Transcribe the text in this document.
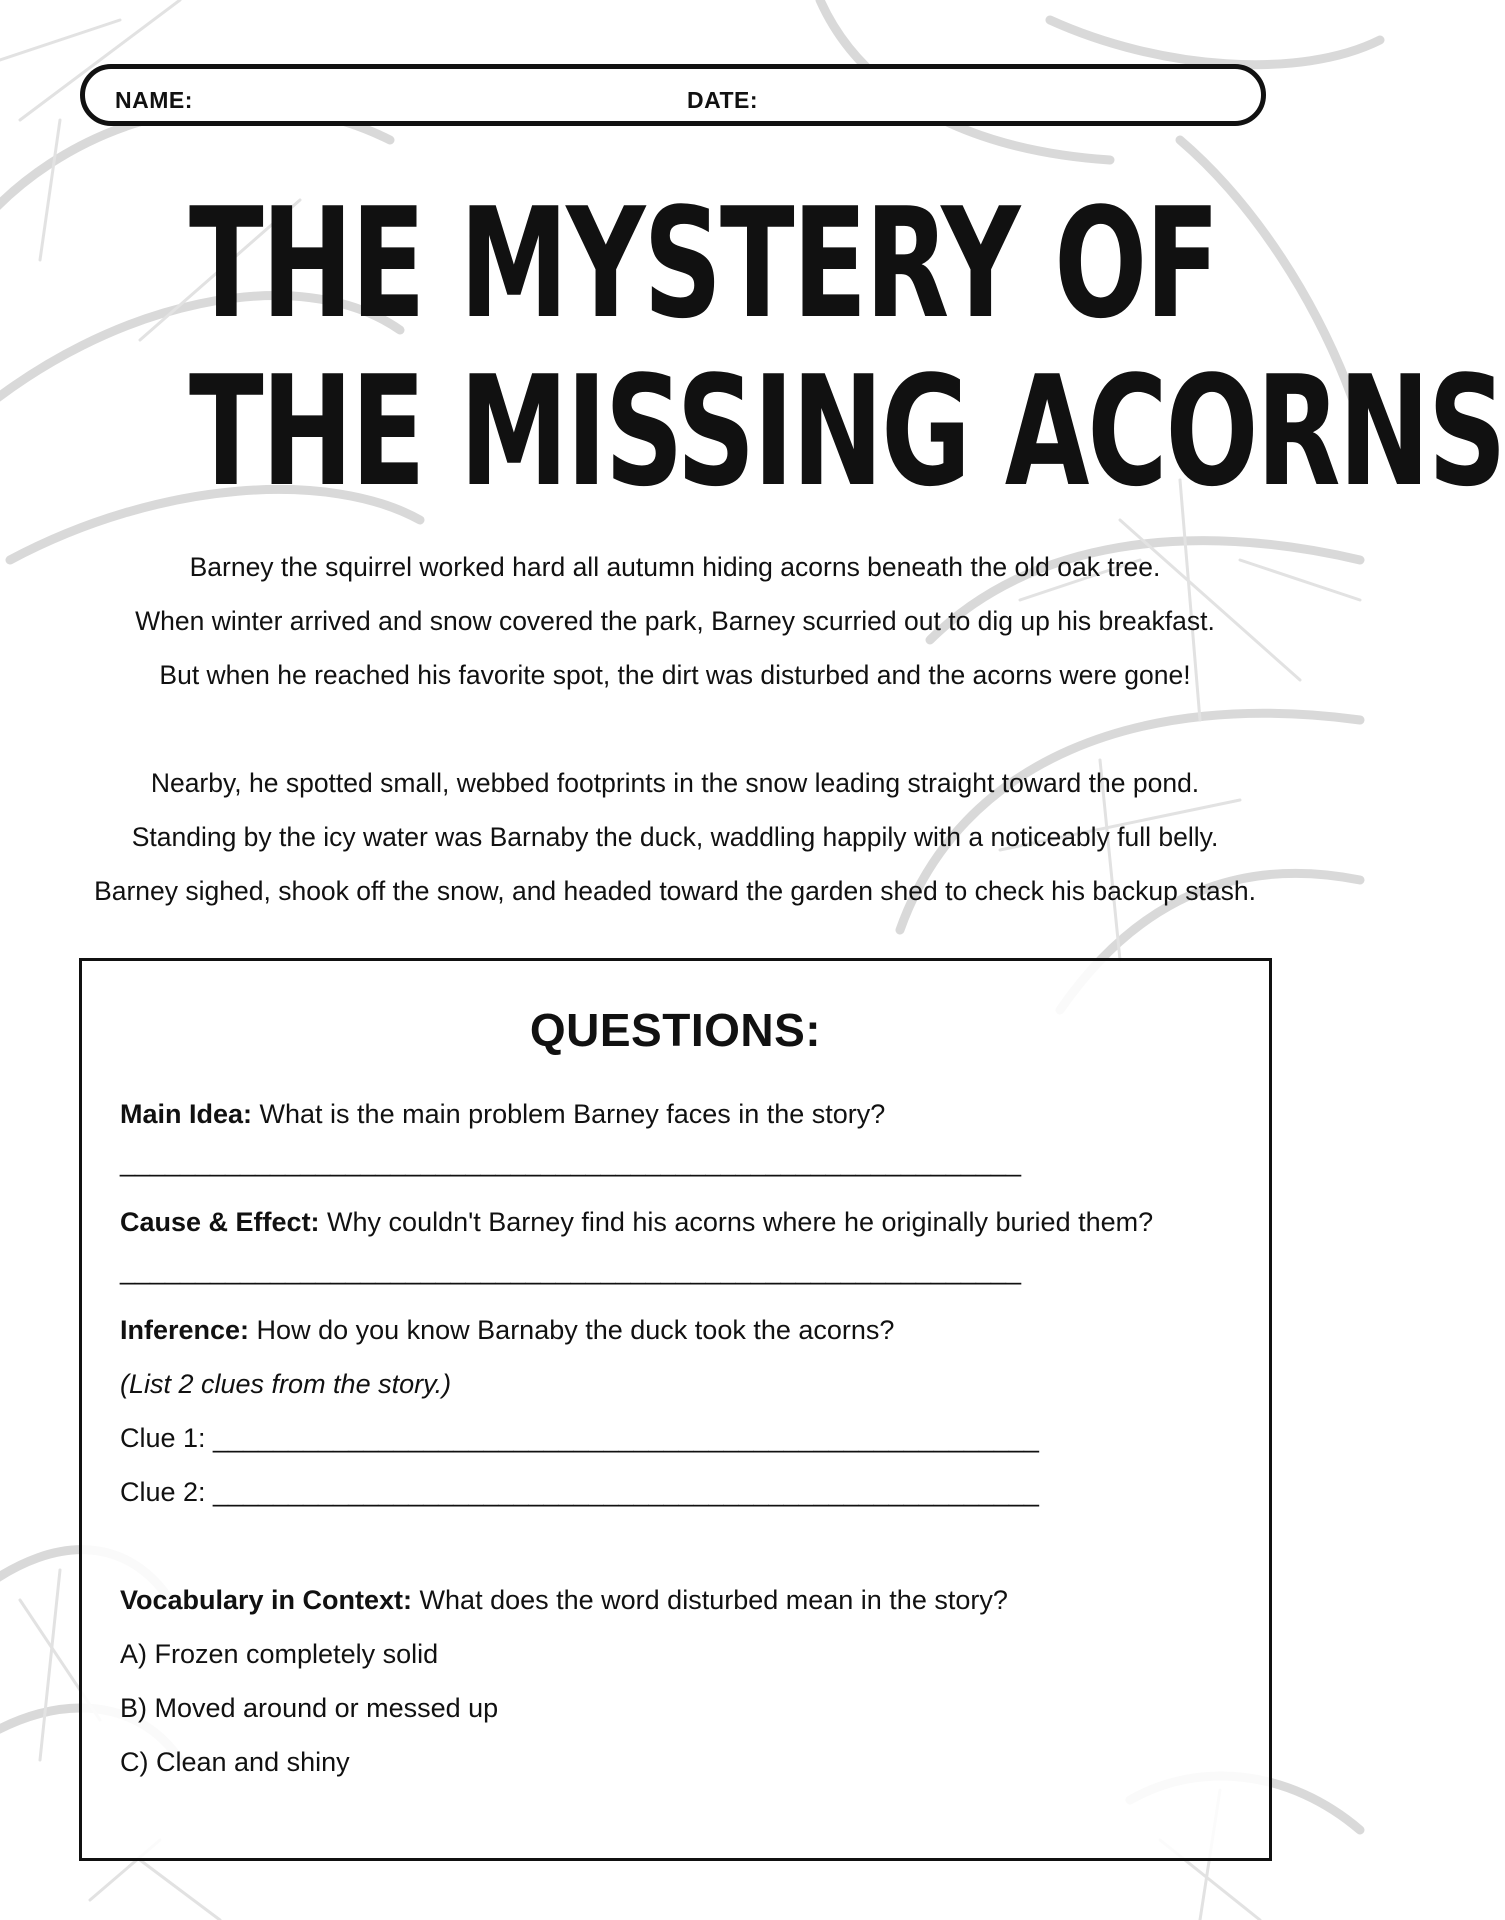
NAME:	DATE:
THE MYSTERY OF
THE MISSING ACORNS

Barney the squirrel worked hard all autumn hiding acorns beneath the old oak tree.

When winter arrived and snow covered the park, Barney scurried out to dig up his breakfast.

But when he reached his favorite spot, the dirt was disturbed and the acorns were gone!

Nearby, he spotted small, webbed footprints in the snow leading straight toward the pond.

Standing by the icy water was Barnaby the duck, waddling happily with a noticeably full belly.

Barney sighed, shook off the snow, and headed toward the garden shed to check his backup stash.

QUESTIONS:
Main Idea: What is the main problem Barney faces in the story?
____________________________________________________________
Cause & Effect: Why couldn't Barney find his acorns where he originally buried them?
____________________________________________________________
Inference: How do you know Barnaby the duck took the acorns?
(List 2 clues from the story.)
Clue 1: _______________________________________________________
Clue 2: _______________________________________________________
Vocabulary in Context: What does the word disturbed mean in the story?
A) Frozen completely solid
B) Moved around or messed up
C) Clean and shiny
